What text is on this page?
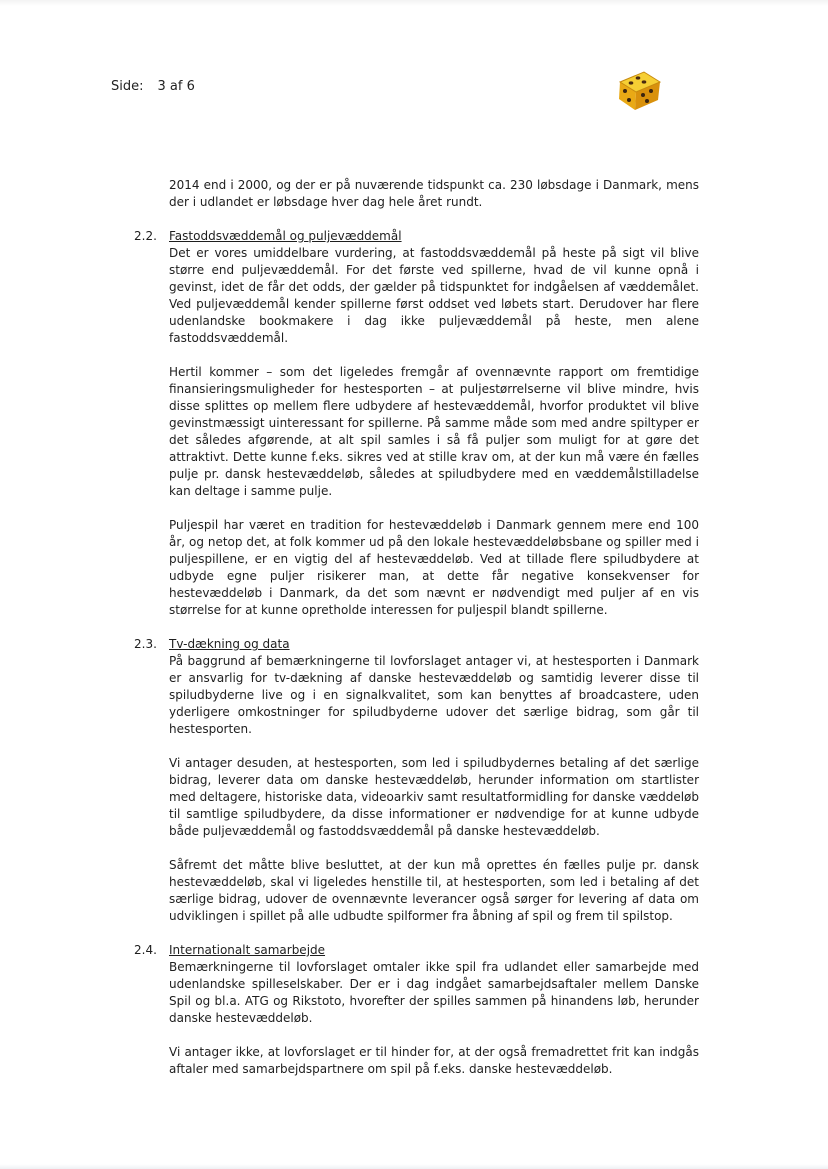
Side: 3 af 6

2014 end i 2000, og der er på nuværende tidspunkt ca. 230 løbsdage i Danmark, mens der i udlandet er løbsdage hver dag hele året rundt.

2.2. Fastoddsvæddemål og puljevæddemål

Det er vores umiddelbare vurdering, at fastoddsvæddemål på heste på sigt vil blive større end puljevæddemål. For det første ved spillerne, hvad de vil kunne opnå i gevinst, idet de får det odds, der gælder på tidspunktet for indgåelsen af væddemålet. Ved puljevæddemål kender spillerne først oddset ved løbets start. Derudover har flere udenlandske bookmakere i dag ikke puljevæddemål på heste, men alene fastoddsvæddemål.

Hertil kommer – som det ligeledes fremgår af ovennævnte rapport om fremtidige finansieringsmuligheder for hestesporten – at puljestørrelserne vil blive mindre, hvis disse splittes op mellem flere udbydere af hestevæddemål, hvorfor produktet vil blive gevinstmæssigt uinteressant for spillerne. På samme måde som med andre spiltyper er det således afgørende, at alt spil samles i så få puljer som muligt for at gøre det attraktivt. Dette kunne f.eks. sikres ved at stille krav om, at der kun må være én fælles pulje pr. dansk hestevæddeløb, således at spiludbydere med en væddemålstilladelse kan deltage i samme pulje.

Puljespil har været en tradition for hestevæddeløb i Danmark gennem mere end 100 år, og netop det, at folk kommer ud på den lokale hestevæddeløbsbane og spiller med i puljespillene, er en vigtig del af hestevæddeløb. Ved at tillade flere spiludbydere at udbyde egne puljer risikerer man, at dette får negative konsekvenser for hestevæddeløb i Danmark, da det som nævnt er nødvendigt med puljer af en vis størrelse for at kunne opretholde interessen for puljespil blandt spillerne.

2.3. Tv-dækning og data

På baggrund af bemærkningerne til lovforslaget antager vi, at hestesporten i Danmark er ansvarlig for tv-dækning af danske hestevæddeløb og samtidig leverer disse til spiludbyderne live og i en signalkvalitet, som kan benyttes af broadcastere, uden yderligere omkostninger for spiludbyderne udover det særlige bidrag, som går til hestesporten.

Vi antager desuden, at hestesporten, som led i spiludbydernes betaling af det særlige bidrag, leverer data om danske hestevæddeløb, herunder information om startlister med deltagere, historiske data, videoarkiv samt resultatformidling for danske væddeløb til samtlige spiludbydere, da disse informationer er nødvendige for at kunne udbyde både puljevæddemål og fastoddsvæddemål på danske hestevæddeløb.

Såfremt det måtte blive besluttet, at der kun må oprettes én fælles pulje pr. dansk hestevæddeløb, skal vi ligeledes henstille til, at hestesporten, som led i betaling af det særlige bidrag, udover de ovennævnte leverancer også sørger for levering af data om udviklingen i spillet på alle udbudte spilformer fra åbning af spil og frem til spilstop.

2.4. Internationalt samarbejde

Bemærkningerne til lovforslaget omtaler ikke spil fra udlandet eller samarbejde med udenlandske spilleselskaber. Der er i dag indgået samarbejdsaftaler mellem Danske Spil og bl.a. ATG og Rikstoto, hvorefter der spilles sammen på hinandens løb, herunder danske hestevæddeløb.

Vi antager ikke, at lovforslaget er til hinder for, at der også fremadrettet frit kan indgås aftaler med samarbejdspartnere om spil på f.eks. danske hestevæddeløb.
